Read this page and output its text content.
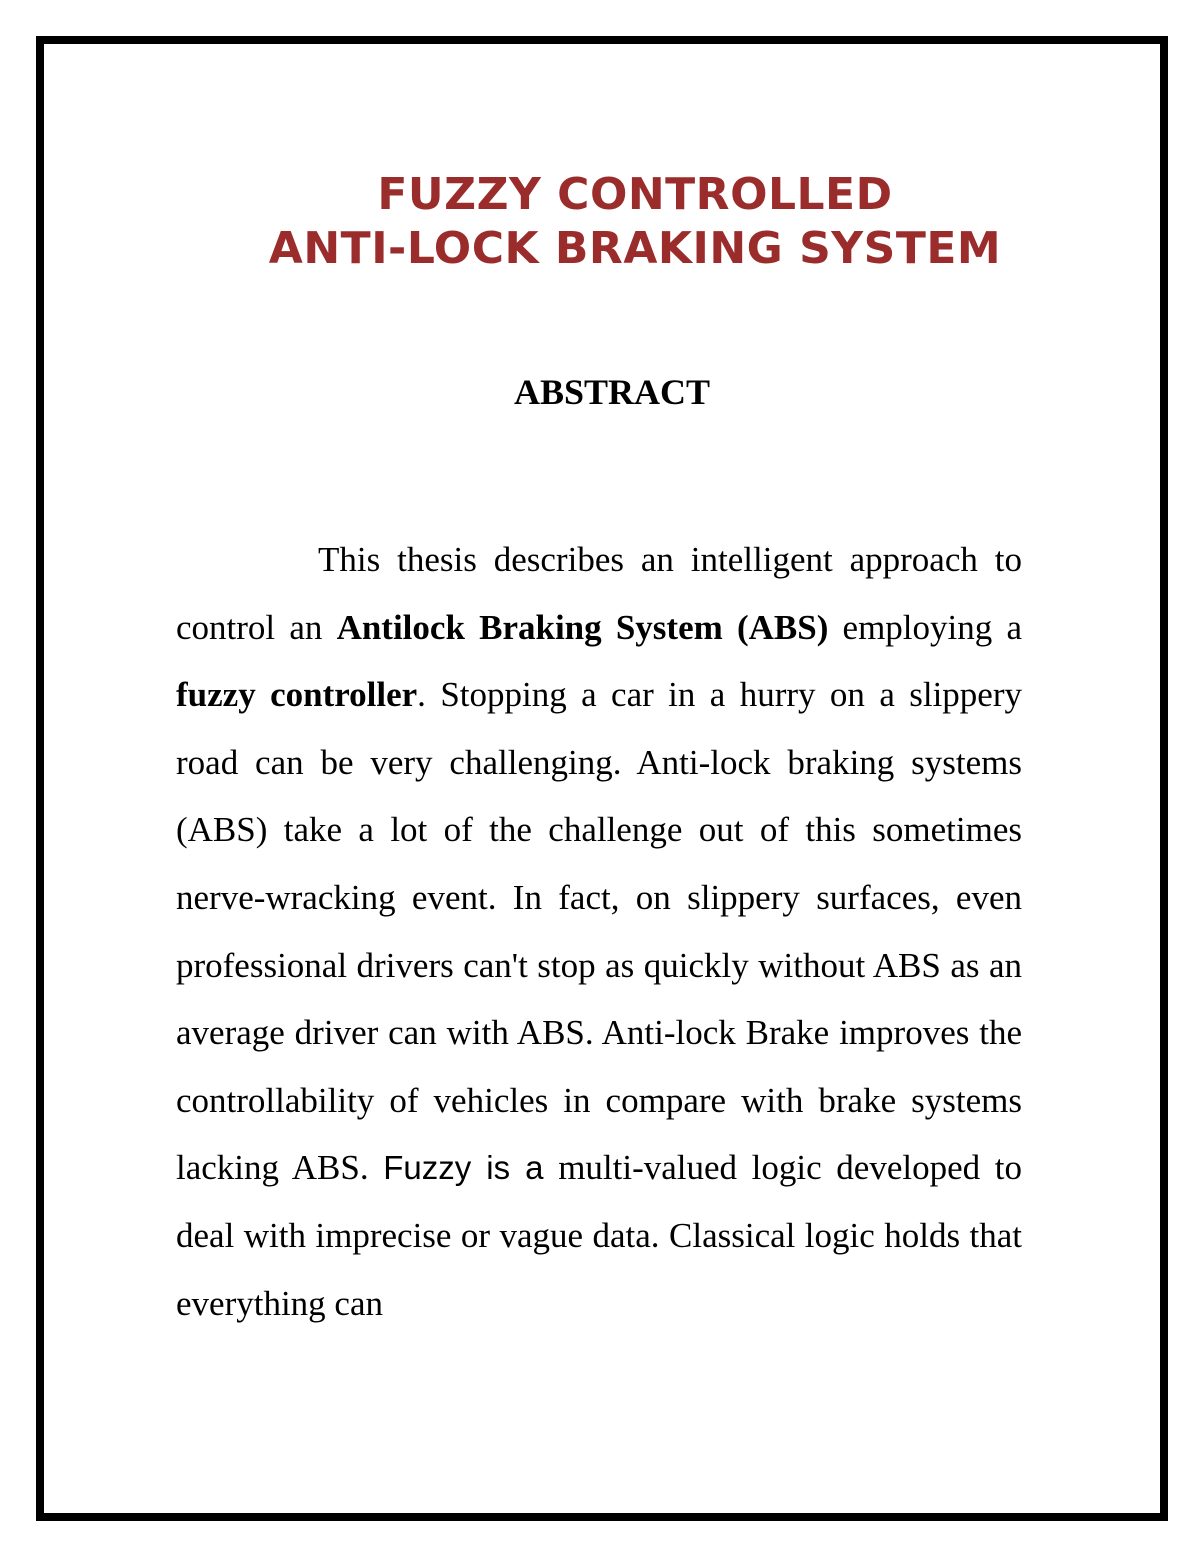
FUZZY CONTROLLED
ANTI-LOCK BRAKING SYSTEM
ABSTRACT

This thesis describes an intelligent approach to control an Antilock Braking System (ABS) employing a fuzzy controller. Stopping a car in a hurry on a slippery road can be very challenging. Anti-lock braking systems (ABS) take a lot of the challenge out of this sometimes nerve-wracking event. In fact, on slippery surfaces, even professional drivers can't stop as quickly without ABS as an average driver can with ABS. Anti-lock Brake improves the controllability of vehicles in compare with brake systems lacking ABS. Fuzzy is a multi-valued logic developed to deal with imprecise or vague data. Classical logic holds that everything can
